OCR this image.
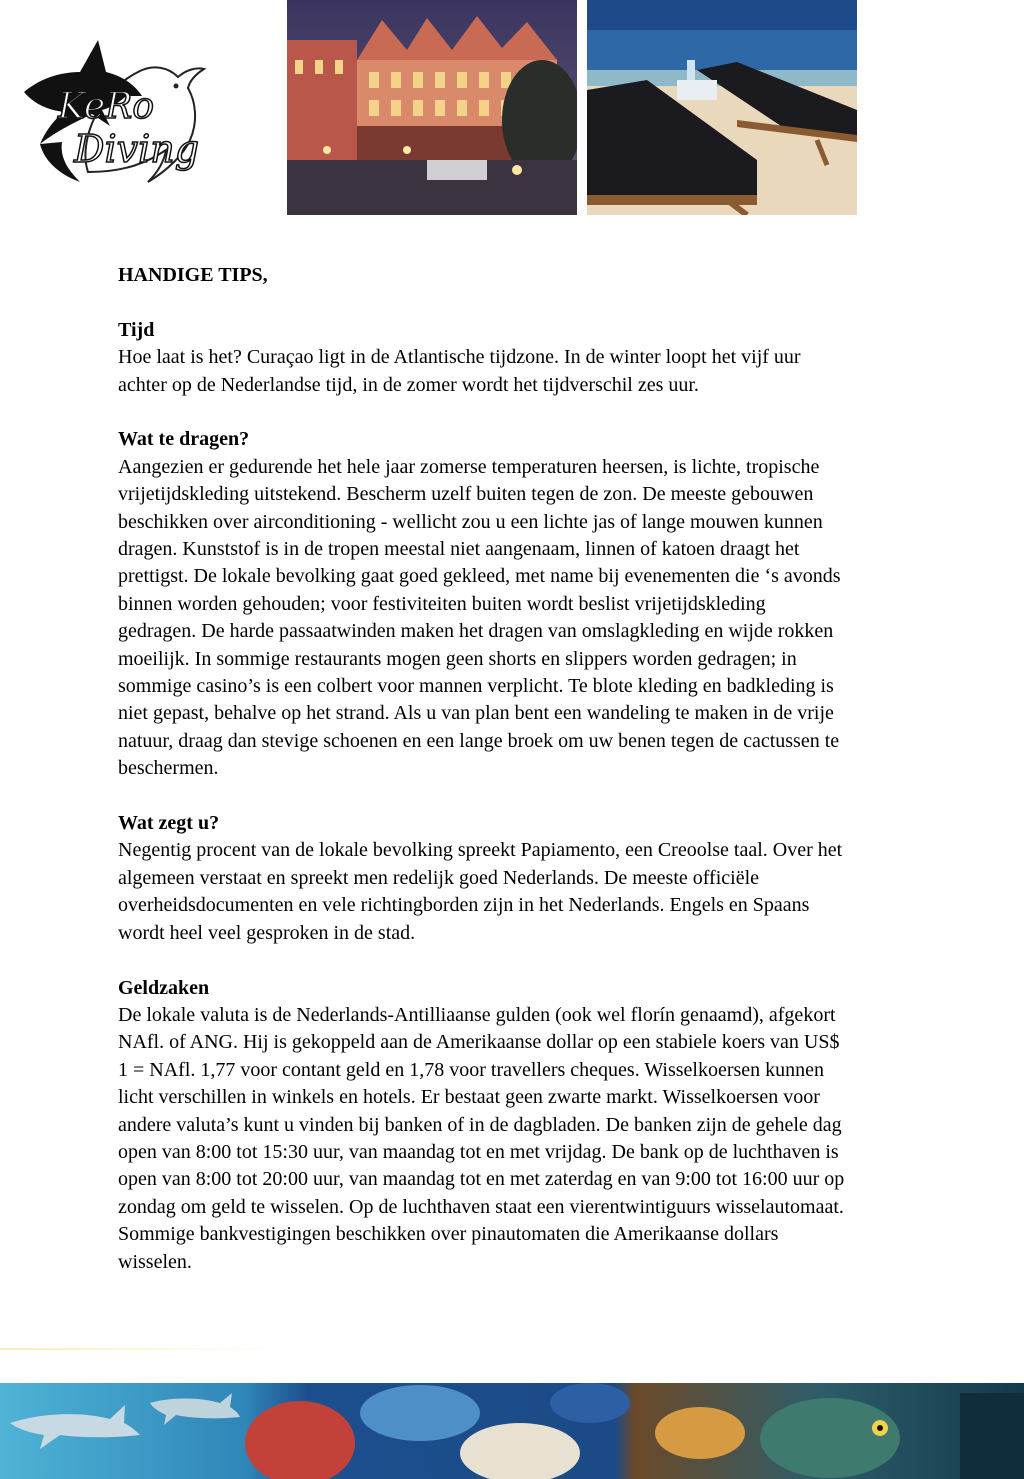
KeRo
Diving
HANDIGE TIPS,
Tijd

Hoe laat is het? Curaçao ligt in de Atlantische tijdzone. In de winter loopt het vijf uur
achter op de Nederlandse tijd, in de zomer wordt het tijdverschil zes uur.

Wat te dragen?

Aangezien er gedurende het hele jaar zomerse temperaturen heersen, is lichte, tropische
vrijetijdskleding uitstekend. Bescherm uzelf buiten tegen de zon. De meeste gebouwen
beschikken over airconditioning - wellicht zou u een lichte jas of lange mouwen kunnen
dragen. Kunststof is in de tropen meestal niet aangenaam, linnen of katoen draagt het
prettigst. De lokale bevolking gaat goed gekleed, met name bij evenementen die ‘s avonds
binnen worden gehouden; voor festiviteiten buiten wordt beslist vrijetijdskleding
gedragen. De harde passaatwinden maken het dragen van omslagkleding en wijde rokken
moeilijk. In sommige restaurants mogen geen shorts en slippers worden gedragen; in
sommige casino’s is een colbert voor mannen verplicht. Te blote kleding en badkleding is
niet gepast, behalve op het strand. Als u van plan bent een wandeling te maken in de vrije
natuur, draag dan stevige schoenen en een lange broek om uw benen tegen de cactussen te
beschermen.

Wat zegt u?

Negentig procent van de lokale bevolking spreekt Papiamento, een Creoolse taal. Over het
algemeen verstaat en spreekt men redelijk goed Nederlands. De meeste officiële
overheidsdocumenten en vele richtingborden zijn in het Nederlands. Engels en Spaans
wordt heel veel gesproken in de stad.

Geldzaken

De lokale valuta is de Nederlands-Antilliaanse gulden (ook wel florín genaamd), afgekort
NAfl. of ANG. Hij is gekoppeld aan de Amerikaanse dollar op een stabiele koers van US$
1 = NAfl. 1,77 voor contant geld en 1,78 voor travellers cheques. Wisselkoersen kunnen
licht verschillen in winkels en hotels. Er bestaat geen zwarte markt. Wisselkoersen voor
andere valuta’s kunt u vinden bij banken of in de dagbladen. De banken zijn de gehele dag
open van 8:00 tot 15:30 uur, van maandag tot en met vrijdag. De bank op de luchthaven is
open van 8:00 tot 20:00 uur, van maandag tot en met zaterdag en van 9:00 tot 16:00 uur op
zondag om geld te wisselen. Op de luchthaven staat een vierentwintiguurs wisselautomaat.
Sommige bankvestigingen beschikken over pinautomaten die Amerikaanse dollars
wisselen.
